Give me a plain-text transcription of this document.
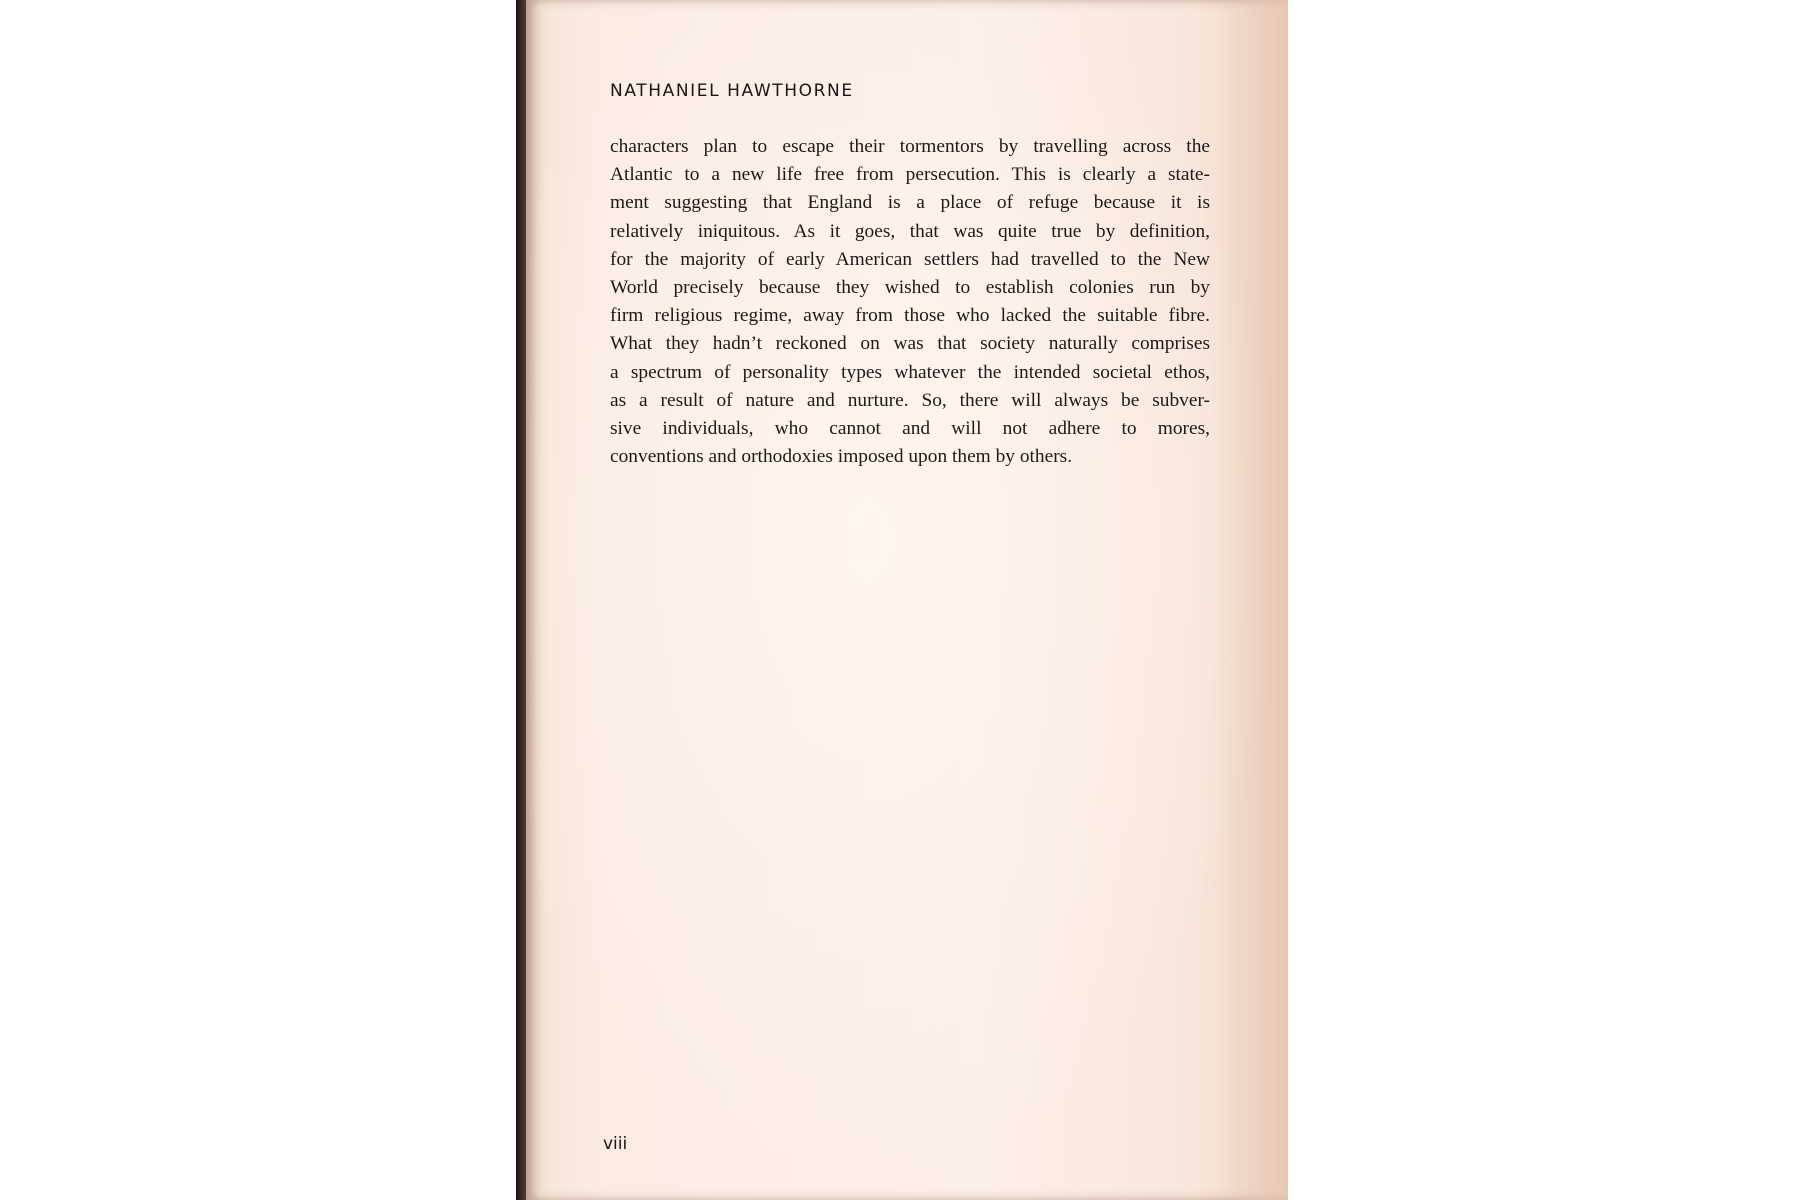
NATHANIEL HAWTHORNE
characters plan to escape their tormentors by travelling across the
Atlantic to a new life free from persecution. This is clearly a state-
ment suggesting that England is a place of refuge because it is
relatively iniquitous. As it goes, that was quite true by definition,
for the majority of early American settlers had travelled to the New
World precisely because they wished to establish colonies run by
firm religious regime, away from those who lacked the suitable fibre.
What they hadn’t reckoned on was that society naturally comprises
a spectrum of personality types whatever the intended societal ethos,
as a result of nature and nurture. So, there will always be subver-
sive individuals, who cannot and will not adhere to mores,
conventions and orthodoxies imposed upon them by others.
viii
